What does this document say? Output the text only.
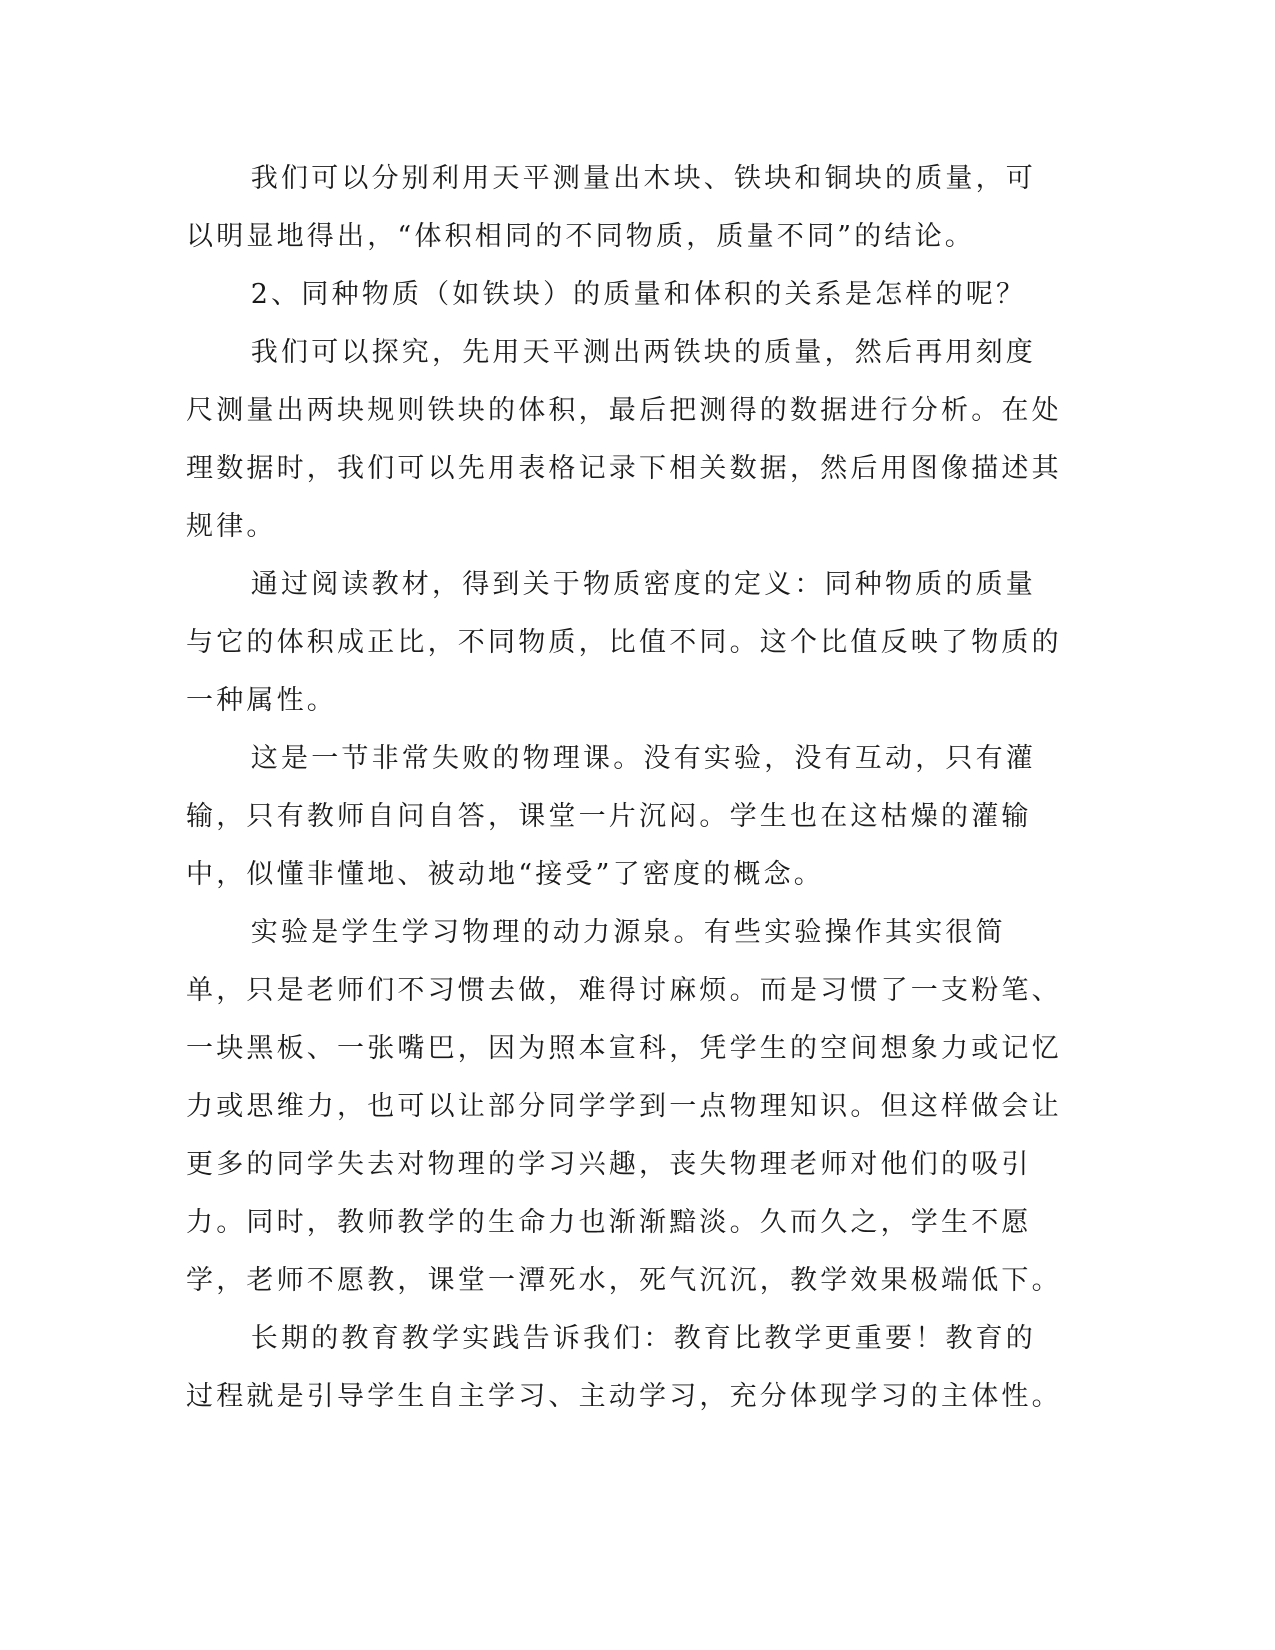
我们可以分别利用天平测量出木块、铁块和铜块的质量，可以明显地得出，“体积相同的不同物质，质量不同”的结论。

2、同种物质（如铁块）的质量和体积的关系是怎样的呢？

我们可以探究，先用天平测出两铁块的质量，然后再用刻度尺测量出两块规则铁块的体积，最后把测得的数据进行分析。在处理数据时，我们可以先用表格记录下相关数据，然后用图像描述其规律。

通过阅读教材，得到关于物质密度的定义：同种物质的质量与它的体积成正比，不同物质，比值不同。这个比值反映了物质的一种属性。

这是一节非常失败的物理课。没有实验，没有互动，只有灌输，只有教师自问自答，课堂一片沉闷。学生也在这枯燥的灌输中，似懂非懂地、被动地“接受”了密度的概念。

实验是学生学习物理的动力源泉。有些实验操作其实很简单，只是老师们不习惯去做，难得讨麻烦。而是习惯了一支粉笔、一块黑板、一张嘴巴，因为照本宣科，凭学生的空间想象力或记忆力或思维力，也可以让部分同学学到一点物理知识。但这样做会让更多的同学失去对物理的学习兴趣，丧失物理老师对他们的吸引力。同时，教师教学的生命力也渐渐黯淡。久而久之，学生不愿学，老师不愿教，课堂一潭死水，死气沉沉，教学效果极端低下。

长期的教育教学实践告诉我们：教育比教学更重要！教育的过程就是引导学生自主学习、主动学习，充分体现学习的主体性。
